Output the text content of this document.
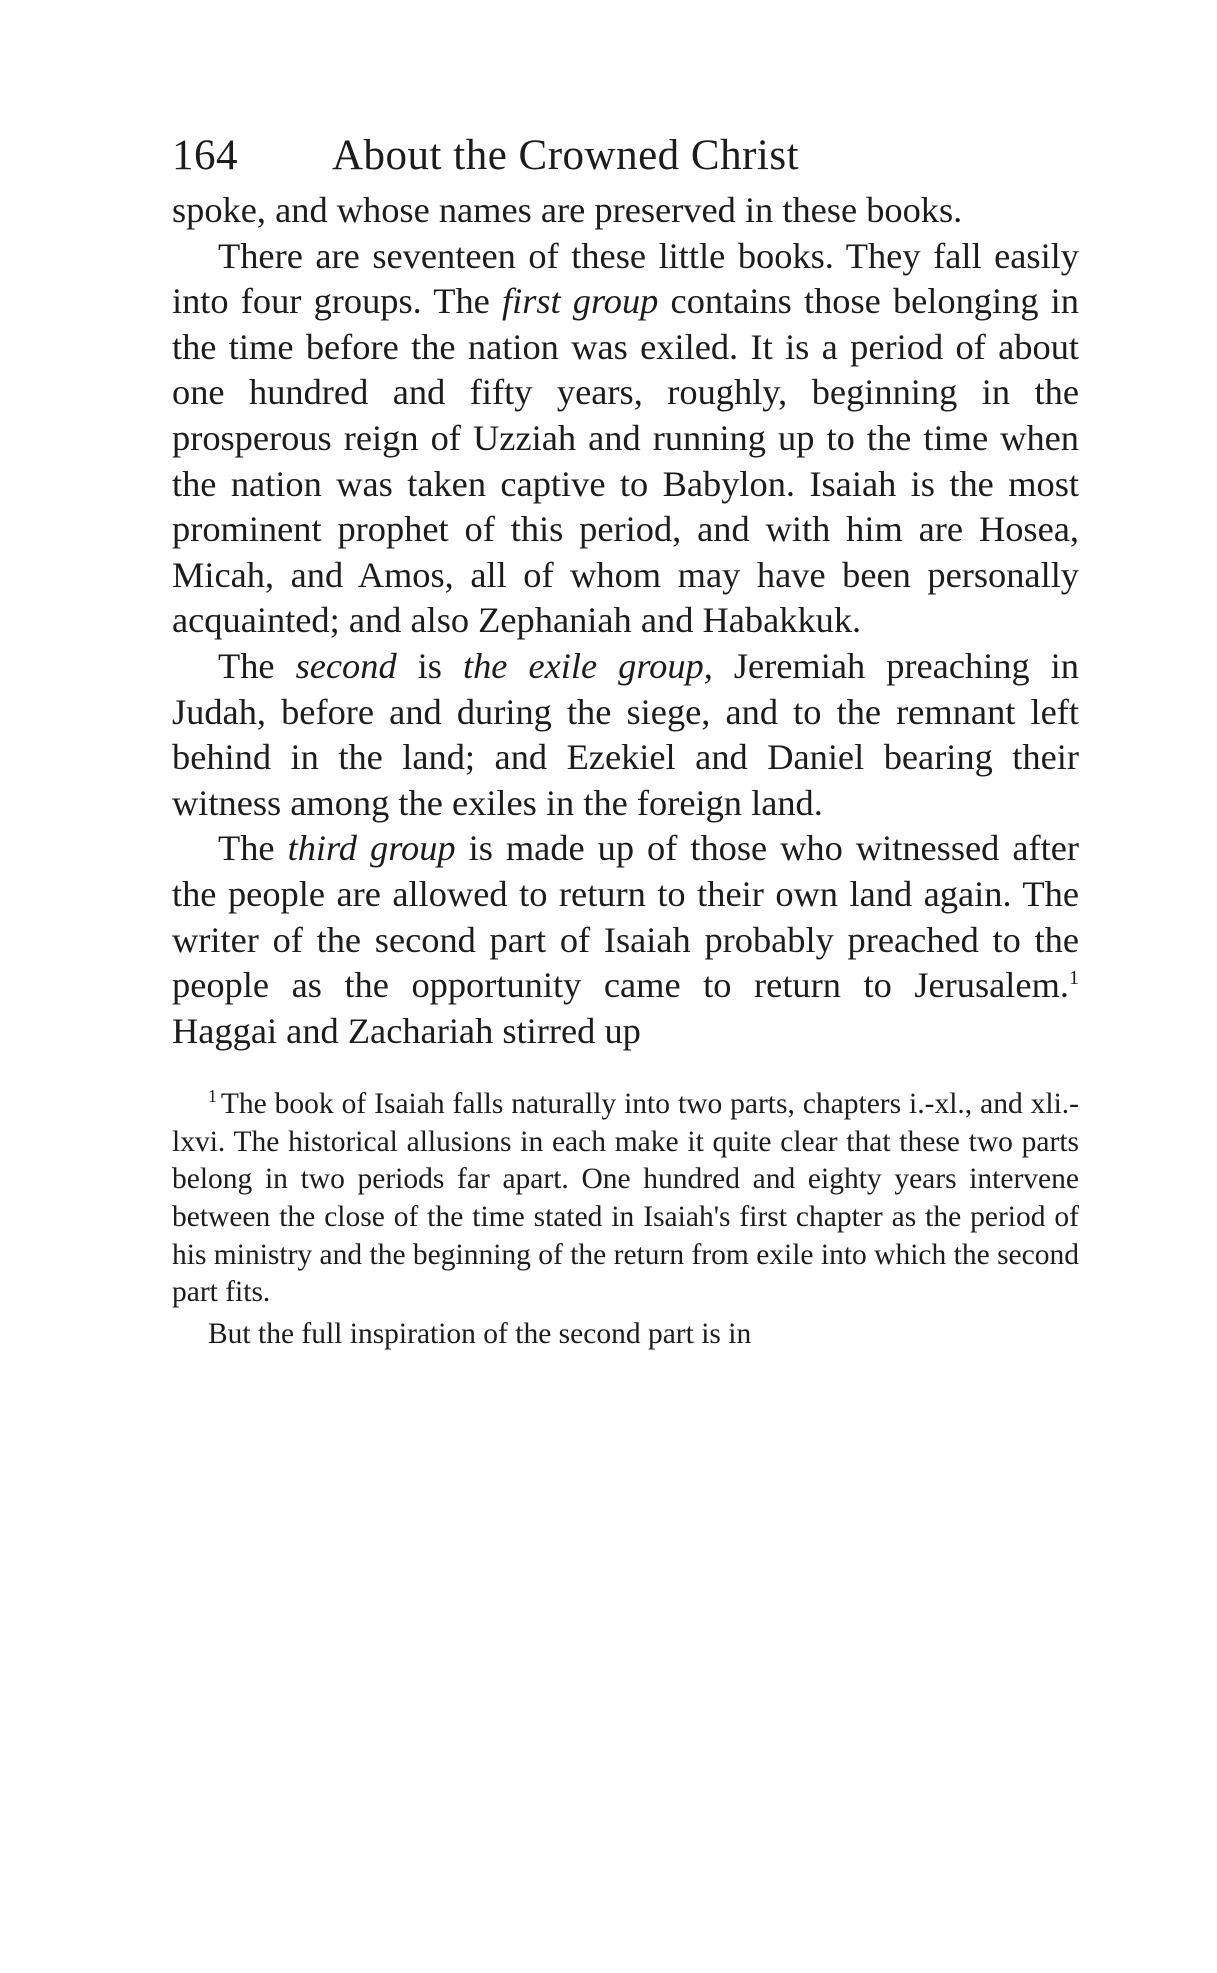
164	About the Crowned Christ

spoke, and whose names are preserved in these books.

There are seventeen of these little books. They fall easily into four groups. The first group contains those belonging in the time before the nation was exiled. It is a period of about one hundred and fifty years, roughly, beginning in the prosperous reign of Uzziah and running up to the time when the nation was taken captive to Babylon. Isaiah is the most prominent prophet of this period, and with him are Hosea, Micah, and Amos, all of whom may have been personally acquainted; and also Zephaniah and Habakkuk.

The second is the exile group, Jeremiah preaching in Judah, before and during the siege, and to the remnant left behind in the land; and Ezekiel and Daniel bearing their witness among the exiles in the foreign land.

The third group is made up of those who witnessed after the people are allowed to return to their own land again. The writer of the second part of Isaiah probably preached to the people as the opportunity came to return to Jerusalem.$^1$ Haggai and Zachariah stirred up

$^1$ The book of Isaiah falls naturally into two parts, chapters i.-xl., and xli.-lxvi. The historical allusions in each make it quite clear that these two parts belong in two periods far apart. One hundred and eighty years intervene between the close of the time stated in Isaiah's first chapter as the period of his ministry and the beginning of the return from exile into which the second part fits.

But the full inspiration of the second part is in
